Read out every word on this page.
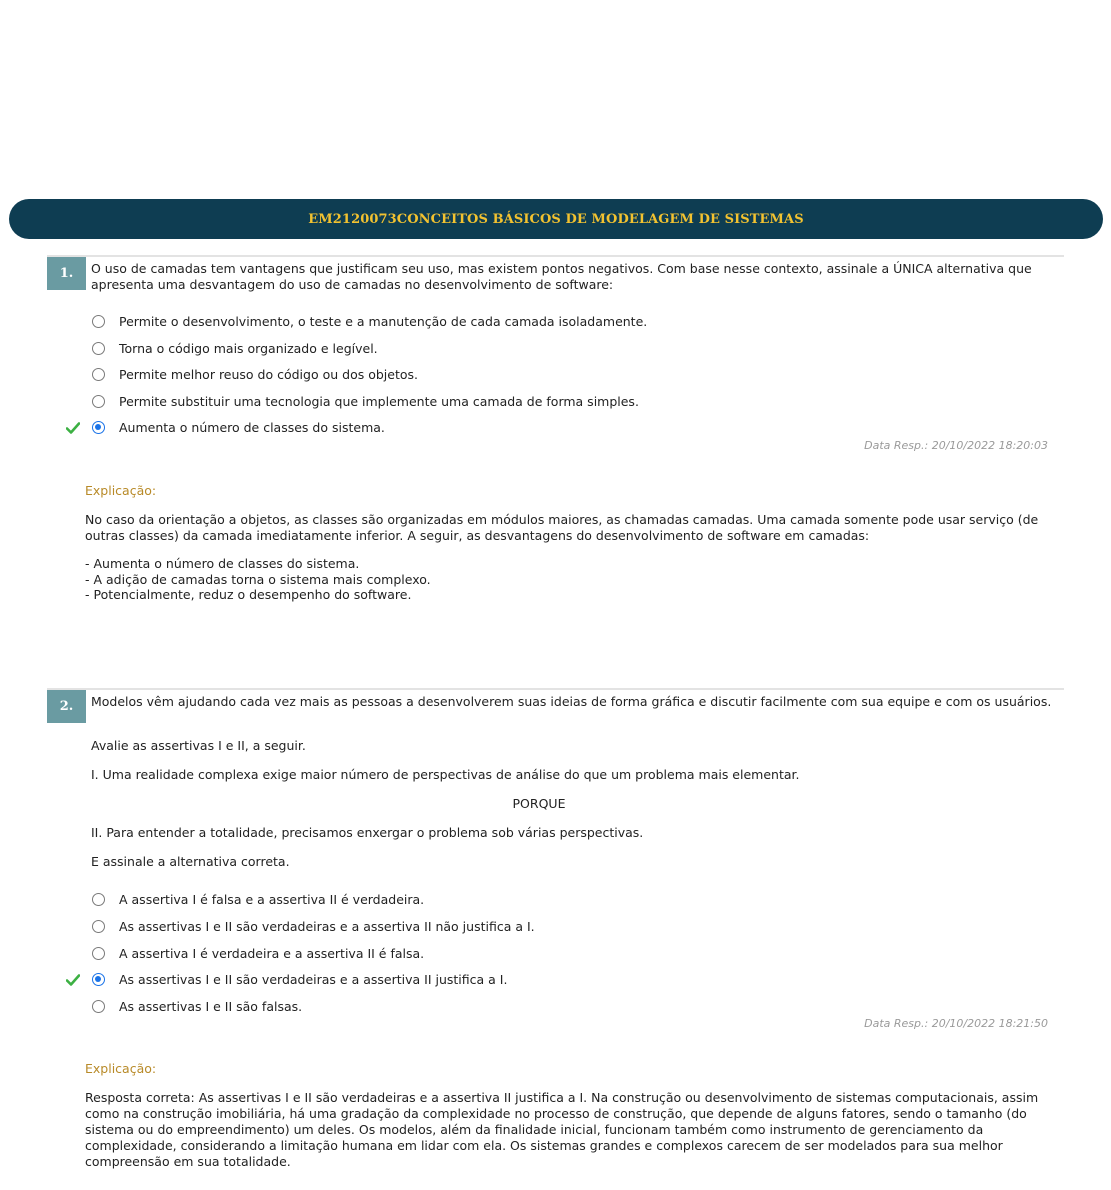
EM2120073CONCEITOS BÁSICOS DE MODELAGEM DE SISTEMAS
1.	O uso de camadas tem vantagens que justificam seu uso, mas existem pontos negativos. Com base nesse contexto, assinale a ÚNICA alternativa que apresenta uma desvantagem do uso de camadas no desenvolvimento de software:
Permite o desenvolvimento, o teste e a manutenção de cada camada isoladamente.
Torna o código mais organizado e legível.
Permite melhor reuso do código ou dos objetos.
Permite substituir uma tecnologia que implemente uma camada de forma simples.
Aumenta o número de classes do sistema.
Data Resp.: 20/10/2022 18:20:03
Explicação:
No caso da orientação a objetos, as classes são organizadas em módulos maiores, as chamadas camadas. Uma camada somente pode usar serviço (de outras classes) da camada imediatamente inferior. A seguir, as desvantagens do desenvolvimento de software em camadas:
- Aumenta o número de classes do sistema.
- A adição de camadas torna o sistema mais complexo.
- Potencialmente, reduz o desempenho do software.
2.	Modelos vêm ajudando cada vez mais as pessoas a desenvolverem suas ideias de forma gráfica e discutir facilmente com sua equipe e com os usuários.
Avalie as assertivas I e II, a seguir.
I. Uma realidade complexa exige maior número de perspectivas de análise do que um problema mais elementar.
PORQUE
II. Para entender a totalidade, precisamos enxergar o problema sob várias perspectivas.
E assinale a alternativa correta.
A assertiva I é falsa e a assertiva II é verdadeira.
As assertivas I e II são verdadeiras e a assertiva II não justifica a I.
A assertiva I é verdadeira e a assertiva II é falsa.
As assertivas I e II são verdadeiras e a assertiva II justifica a I.
As assertivas I e II são falsas.
Data Resp.: 20/10/2022 18:21:50
Explicação:
Resposta correta: As assertivas I e II são verdadeiras e a assertiva II justifica a I. Na construção ou desenvolvimento de sistemas computacionais, assim como na construção imobiliária, há uma gradação da complexidade no processo de construção, que depende de alguns fatores, sendo o tamanho (do sistema ou do empreendimento) um deles. Os modelos, além da finalidade inicial, funcionam também como instrumento de gerenciamento da complexidade, considerando a limitação humana em lidar com ela. Os sistemas grandes e complexos carecem de ser modelados para sua melhor compreensão em sua totalidade.
